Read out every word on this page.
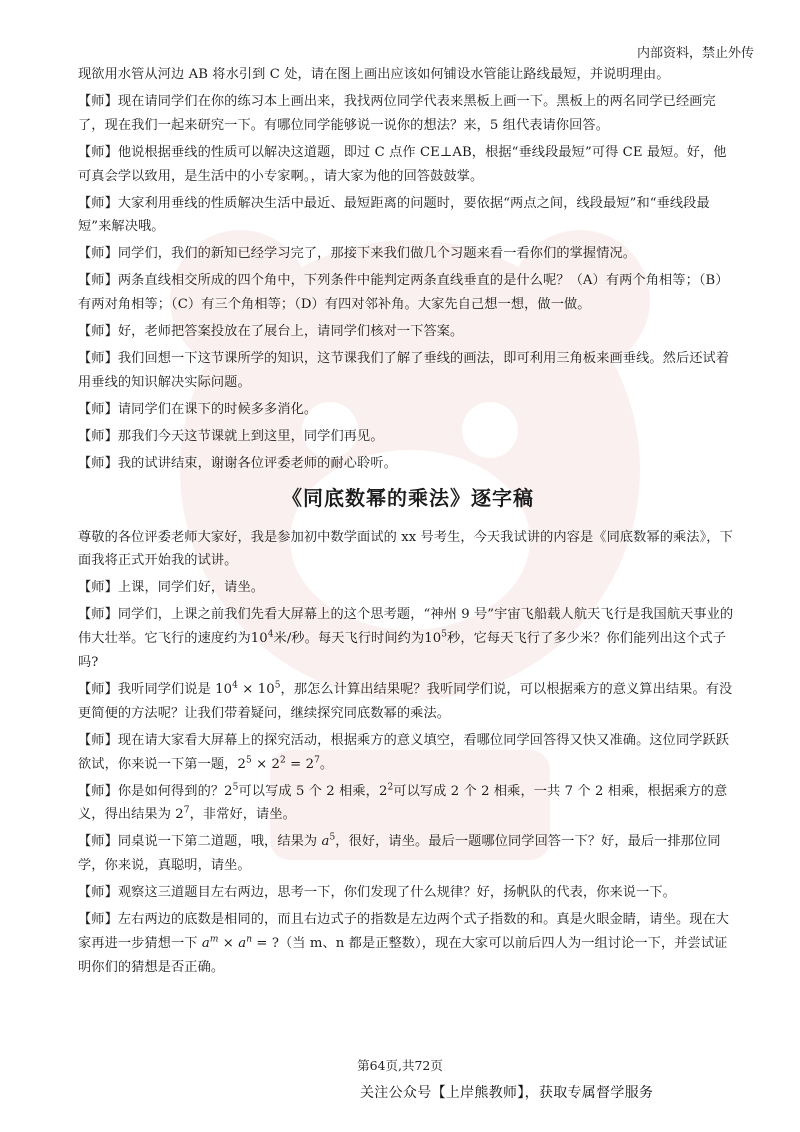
内部资料，禁止外传

现欲用水管从河边 AB 将水引到 C 处，请在图上画出应该如何铺设水管能让路线最短，并说明理由。

【师】现在请同学们在你的练习本上画出来，我找两位同学代表来黑板上画一下。黑板上的两名同学已经画完了，现在我们一起来研究一下。有哪位同学能够说一说你的想法？来，5 组代表请你回答。

【师】他说根据垂线的性质可以解决这道题，即过 C 点作 CE⊥AB，根据“垂线段最短”可得 CE 最短。好，他可真会学以致用，是生活中的小专家啊。，请大家为他的回答鼓鼓掌。

【师】大家利用垂线的性质解决生活中最近、最短距离的问题时，要依据“两点之间，线段最短”和“垂线段最短”来解决哦。

【师】同学们，我们的新知已经学习完了，那接下来我们做几个习题来看一看你们的掌握情况。

【师】两条直线相交所成的四个角中，下列条件中能判定两条直线垂直的是什么呢？（A）有两个角相等；（B）有两对角相等；（C）有三个角相等；（D）有四对邻补角。大家先自己想一想，做一做。

【师】好，老师把答案投放在了展台上，请同学们核对一下答案。

【师】我们回想一下这节课所学的知识，这节课我们了解了垂线的画法，即可利用三角板来画垂线。然后还试着用垂线的知识解决实际问题。

【师】请同学们在课下的时候多多消化。

【师】那我们今天这节课就上到这里，同学们再见。

【师】我的试讲结束，谢谢各位评委老师的耐心聆听。

《同底数幂的乘法》逐字稿

尊敬的各位评委老师大家好，我是参加初中数学面试的 xx 号考生，今天我试讲的内容是《同底数幂的乘法》，下面我将正式开始我的试讲。

【师】上课，同学们好，请坐。

【师】同学们，上课之前我们先看大屏幕上的这个思考题，“神州 9 号”宇宙飞船载人航天飞行是我国航天事业的伟大壮举。它飞行的速度约为$10^4$米/秒。每天飞行时间约为$10^5$秒，它每天飞行了多少米？你们能列出这个式子吗?

【师】我听同学们说是 $10^4 \times 10^5$，那怎么计算出结果呢？我听同学们说，可以根据乘方的意义算出结果。有没更简便的方法呢？让我们带着疑问，继续探究同底数幂的乘法。

【师】现在请大家看大屏幕上的探究活动，根据乘方的意义填空，看哪位同学回答得又快又准确。这位同学跃跃欲试，你来说一下第一题，$2^5 \times 2^2 = 2^7$。

【师】你是如何得到的？$2^5$可以写成 5 个 2 相乘，$2^2$可以写成 2 个 2 相乘，一共 7 个 2 相乘，根据乘方的意义，得出结果为 $2^7$，非常好，请坐。

【师】同桌说一下第二道题，哦，结果为 $a^5$，很好，请坐。最后一题哪位同学回答一下？好，最后一排那位同学，你来说，真聪明，请坐。

【师】观察这三道题目左右两边，思考一下，你们发现了什么规律？好，扬帆队的代表，你来说一下。

【师】左右两边的底数是相同的，而且右边式子的指数是左边两个式子指数的和。真是火眼金睛，请坐。现在大家再进一步猜想一下 $a^m \times a^n$ = ?（当 m、n 都是正整数），现在大家可以前后四人为一组讨论一下，并尝试证明你们的猜想是否正确。

第64页,共72页
关注公众号【上岸熊教师】，获取专属督学服务
